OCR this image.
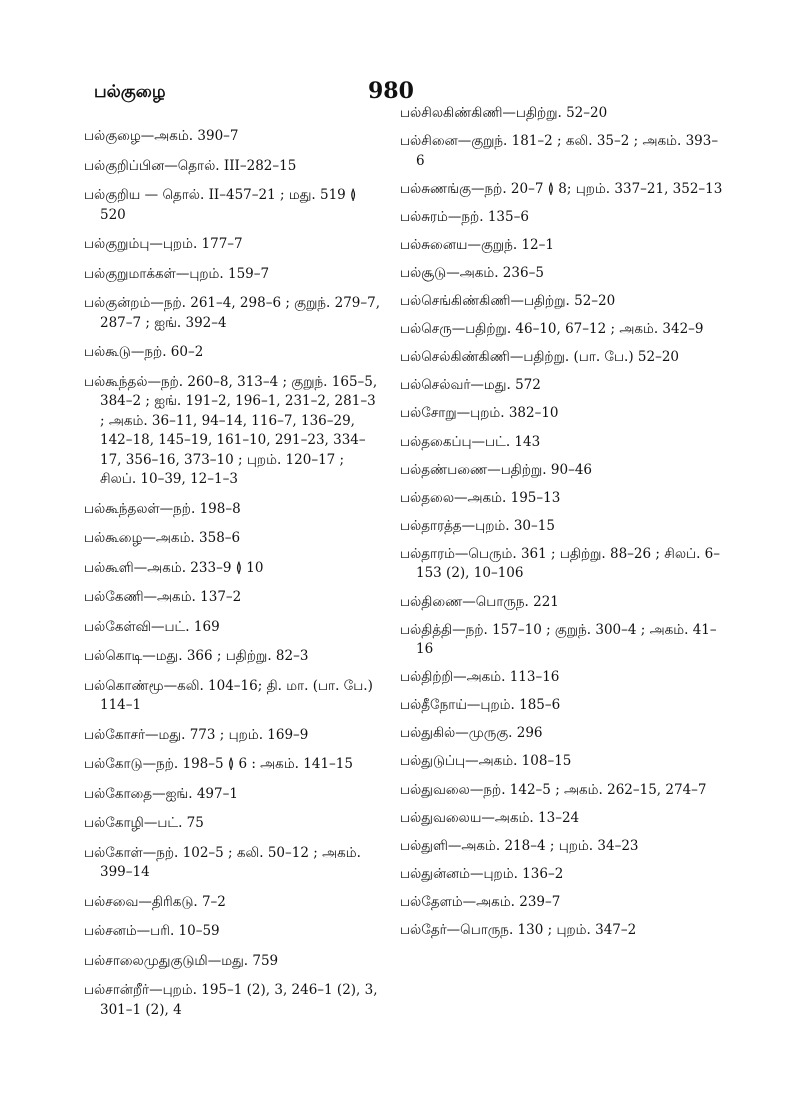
பல்குழை	980
பல்குழை—அகம். 390–7
பல்குறிப்பின—தொல். III–282–15
பல்குறிய — தொல். II–457–21 ; மது. 519 ≬ 520
பல்குறும்பு—புறம். 177–7
பல்குறுமாக்கள்—புறம். 159–7
பல்குன்றம்—நற். 261–4, 298–6 ; குறுந். 279–7, 287–7 ; ஐங். 392–4
பல்கூடு—நற். 60–2
பல்கூந்தல்—நற். 260–8, 313–4 ; குறுந். 165–5, 384–2 ; ஐங். 191–2, 196–1, 231–2, 281–3 ; அகம். 36–11, 94–14, 116–7, 136–29, 142–18, 145–19, 161–10, 291–23, 334–17, 356–16, 373–10 ; புறம். 120–17 ; சிலப். 10–39, 12–1–3
பல்கூந்தலள்—நற். 198–8
பல்கூழை—அகம். 358–6
பல்கூளி—அகம். 233–9 ≬ 10
பல்கேணி—அகம். 137–2
பல்கேள்வி—பட். 169
பல்கொடி—மது. 366 ; பதிற்று. 82–3
பல்கொண்மூ—கலி. 104–16; தி. மா. (பா. பே.) 114–1
பல்கோசர்—மது. 773 ; புறம். 169–9
பல்கோடு—நற். 198–5 ≬ 6 : அகம். 141–15
பல்கோதை—ஐங். 497–1
பல்கோழி—பட். 75
பல்கோள்—நற். 102–5 ; கலி. 50–12 ; அகம். 399–14
பல்சவை—திரிகடு. 7–2
பல்சனம்—பரி. 10–59
பல்சாலைமுதுகுடுமி—மது. 759
பல்சான்றீர்—புறம். 195–1 (2), 3, 246–1 (2), 3, 301–1 (2), 4
பல்சிலகிண்கிணி—பதிற்று. 52–20
பல்சினை—குறுந். 181–2 ; கலி. 35–2 ; அகம். 393–6
பல்சுணங்கு—நற். 20–7 ≬ 8; புறம். 337–21, 352–13
பல்சுரம்—நற். 135–6
பல்சுனைய—குறுந். 12–1
பல்சூடு—அகம். 236–5
பல்செங்கிண்கிணி—பதிற்று. 52–20
பல்செரு—பதிற்று. 46–10, 67–12 ; அகம். 342–9
பல்செல்கிண்கிணி—பதிற்று. (பா. பே.) 52–20
பல்செல்வர்—மது. 572
பல்சோறு—புறம். 382–10
பல்தகைப்பு—பட். 143
பல்தண்பணை—பதிற்று. 90–46
பல்தலை—அகம். 195–13
பல்தாரத்த—புறம். 30–15
பல்தாரம்—பெரும். 361 ; பதிற்று. 88–26 ; சிலப். 6–153 (2), 10–106
பல்திணை—பொருந. 221
பல்தித்தி—நற். 157–10 ; குறுந். 300–4 ; அகம். 41–16
பல்திற்றி—அகம். 113–16
பல்தீநோய்—புறம். 185–6
பல்துகில்—முருகு. 296
பல்துடுப்பு—அகம். 108–15
பல்துவலை—நற். 142–5 ; அகம். 262–15, 274–7
பல்துவலைய—அகம். 13–24
பல்துளி—அகம். 218–4 ; புறம். 34–23
பல்துன்னம்—புறம். 136–2
பல்தேளம்—அகம். 239–7
பல்தேர்—பொருந. 130 ; புறம். 347–2
